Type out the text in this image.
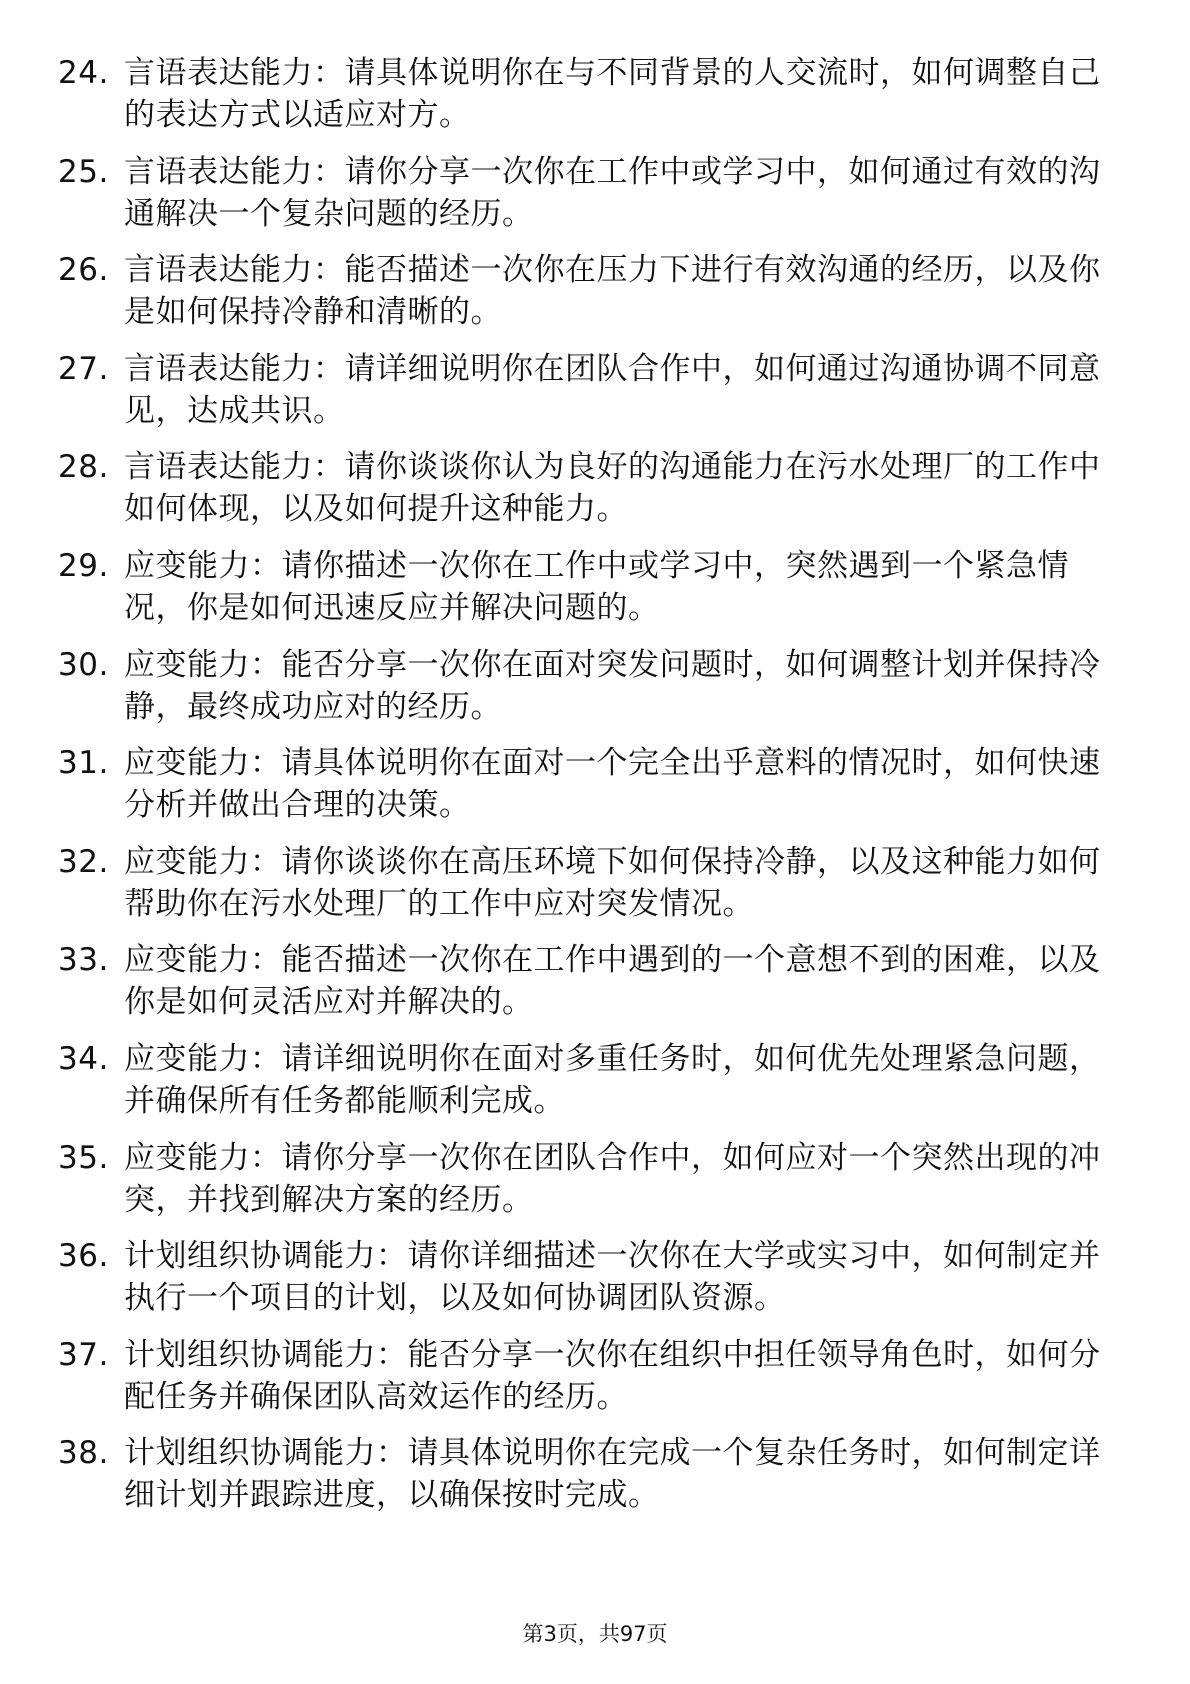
24. 言语表达能力：请具体说明你在与不同背景的人交流时，如何调整自己的表达方式以适应对方。
25. 言语表达能力：请你分享一次你在工作中或学习中，如何通过有效的沟通解决一个复杂问题的经历。
26. 言语表达能力：能否描述一次你在压力下进行有效沟通的经历，以及你是如何保持冷静和清晰的。
27. 言语表达能力：请详细说明你在团队合作中，如何通过沟通协调不同意见，达成共识。
28. 言语表达能力：请你谈谈你认为良好的沟通能力在污水处理厂的工作中如何体现，以及如何提升这种能力。
29. 应变能力：请你描述一次你在工作中或学习中，突然遇到一个紧急情况，你是如何迅速反应并解决问题的。
30. 应变能力：能否分享一次你在面对突发问题时，如何调整计划并保持冷静，最终成功应对的经历。
31. 应变能力：请具体说明你在面对一个完全出乎意料的情况时，如何快速分析并做出合理的决策。
32. 应变能力：请你谈谈你在高压环境下如何保持冷静，以及这种能力如何帮助你在污水处理厂的工作中应对突发情况。
33. 应变能力：能否描述一次你在工作中遇到的一个意想不到的困难，以及你是如何灵活应对并解决的。
34. 应变能力：请详细说明你在面对多重任务时，如何优先处理紧急问题，并确保所有任务都能顺利完成。
35. 应变能力：请你分享一次你在团队合作中，如何应对一个突然出现的冲突，并找到解决方案的经历。
36. 计划组织协调能力：请你详细描述一次你在大学或实习中，如何制定并执行一个项目的计划，以及如何协调团队资源。
37. 计划组织协调能力：能否分享一次你在组织中担任领导角色时，如何分配任务并确保团队高效运作的经历。
38. 计划组织协调能力：请具体说明你在完成一个复杂任务时，如何制定详细计划并跟踪进度，以确保按时完成。
第3页，共97页
